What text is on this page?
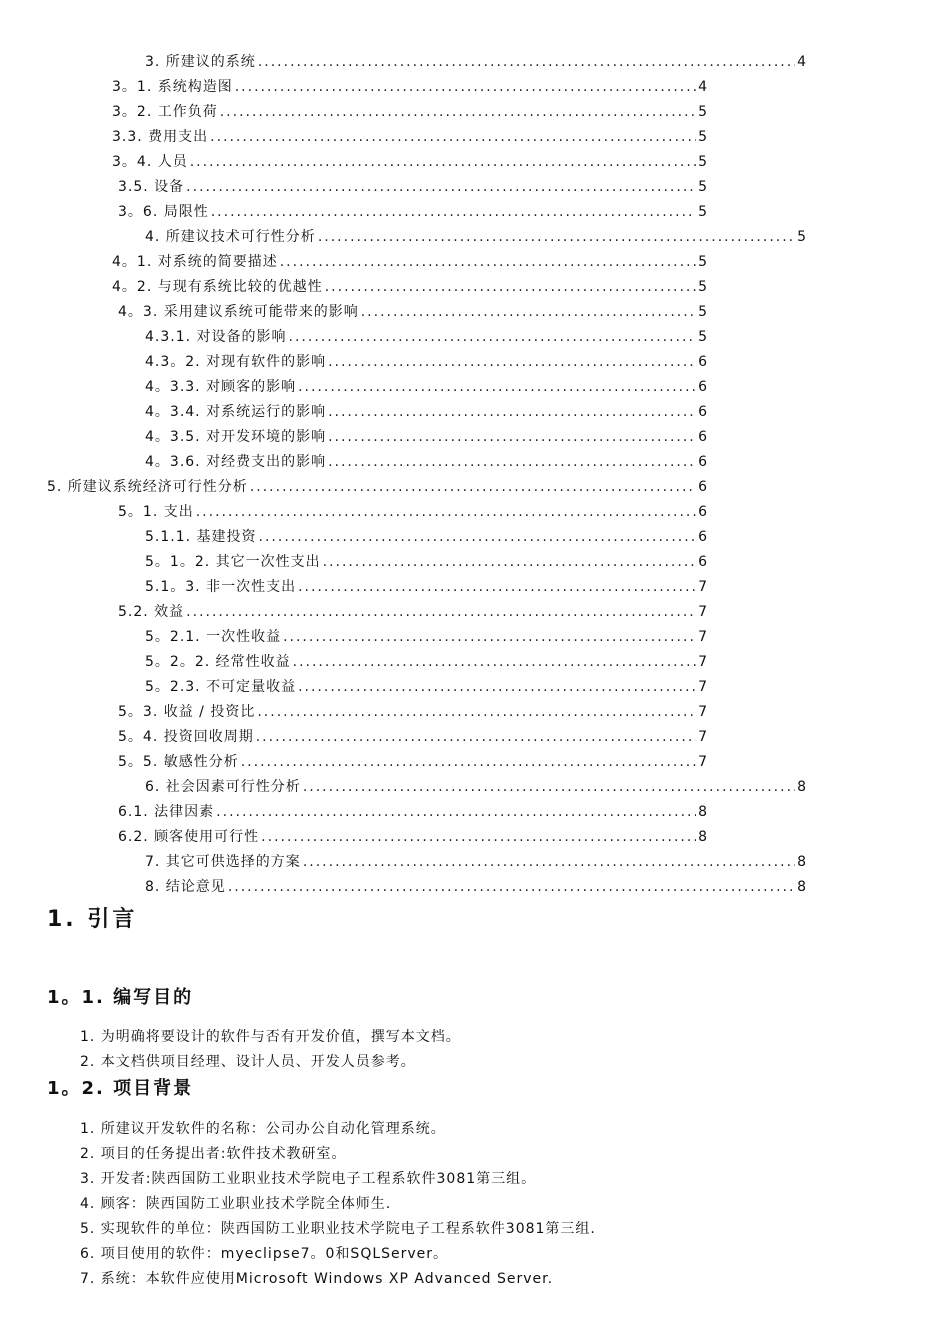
3. 所建议的系统 .....	4
3。1. 系统构造图 .....	4
3。2. 工作负荷 .....	5
3.3. 费用支出 .....	5
3。4. 人员 .....	5
3.5. 设备 .....	5
3。6. 局限性 .....	5
4. 所建议技术可行性分析 .....	5
4。1. 对系统的简要描述 .....	5
4。2. 与现有系统比较的优越性 .....	5
4。3. 采用建议系统可能带来的影响 .....	5
4.3.1. 对设备的影响 .....	5
4.3。2. 对现有软件的影响 .....	6
4。3.3. 对顾客的影响 .....	6
4。3.4. 对系统运行的影响 .....	6
4。3.5. 对开发环境的影响 .....	6
4。3.6. 对经费支出的影响 .....	6
5. 所建议系统经济可行性分析 .....	6
5。1. 支出 .....	6
5.1.1. 基建投资 .....	6
5。1。2. 其它一次性支出 .....	6
5.1。3. 非一次性支出 .....	7
5.2. 效益 .....	7
5。2.1. 一次性收益 .....	7
5。2。2. 经常性收益 .....	7
5。2.3. 不可定量收益 .....	7
5。3. 收益 / 投资比 .....	7
5。4. 投资回收周期 .....	7
5。5. 敏感性分析 .....	7
6. 社会因素可行性分析 .....	8
6.1. 法律因素 .....	8
6.2. 顾客使用可行性 .....	8
7. 其它可供选择的方案 .....	8
8. 结论意见 .....	8
1. 引言
1。1. 编写目的
1. 为明确将要设计的软件与否有开发价值，撰写本文档。
2. 本文档供项目经理、设计人员、开发人员参考。
1。2. 项目背景
1. 所建议开发软件的名称：公司办公自动化管理系统。
2. 项目的任务提出者:软件技术教研室。
3. 开发者:陕西国防工业职业技术学院电子工程系软件3081第三组。
4. 顾客：陕西国防工业职业技术学院全体师生.
5. 实现软件的单位：陕西国防工业职业技术学院电子工程系软件3081第三组.
6. 项目使用的软件：myeclipse7。0和SQLServer。
7. 系统：本软件应使用Microsoft Windows XP Advanced Server.
